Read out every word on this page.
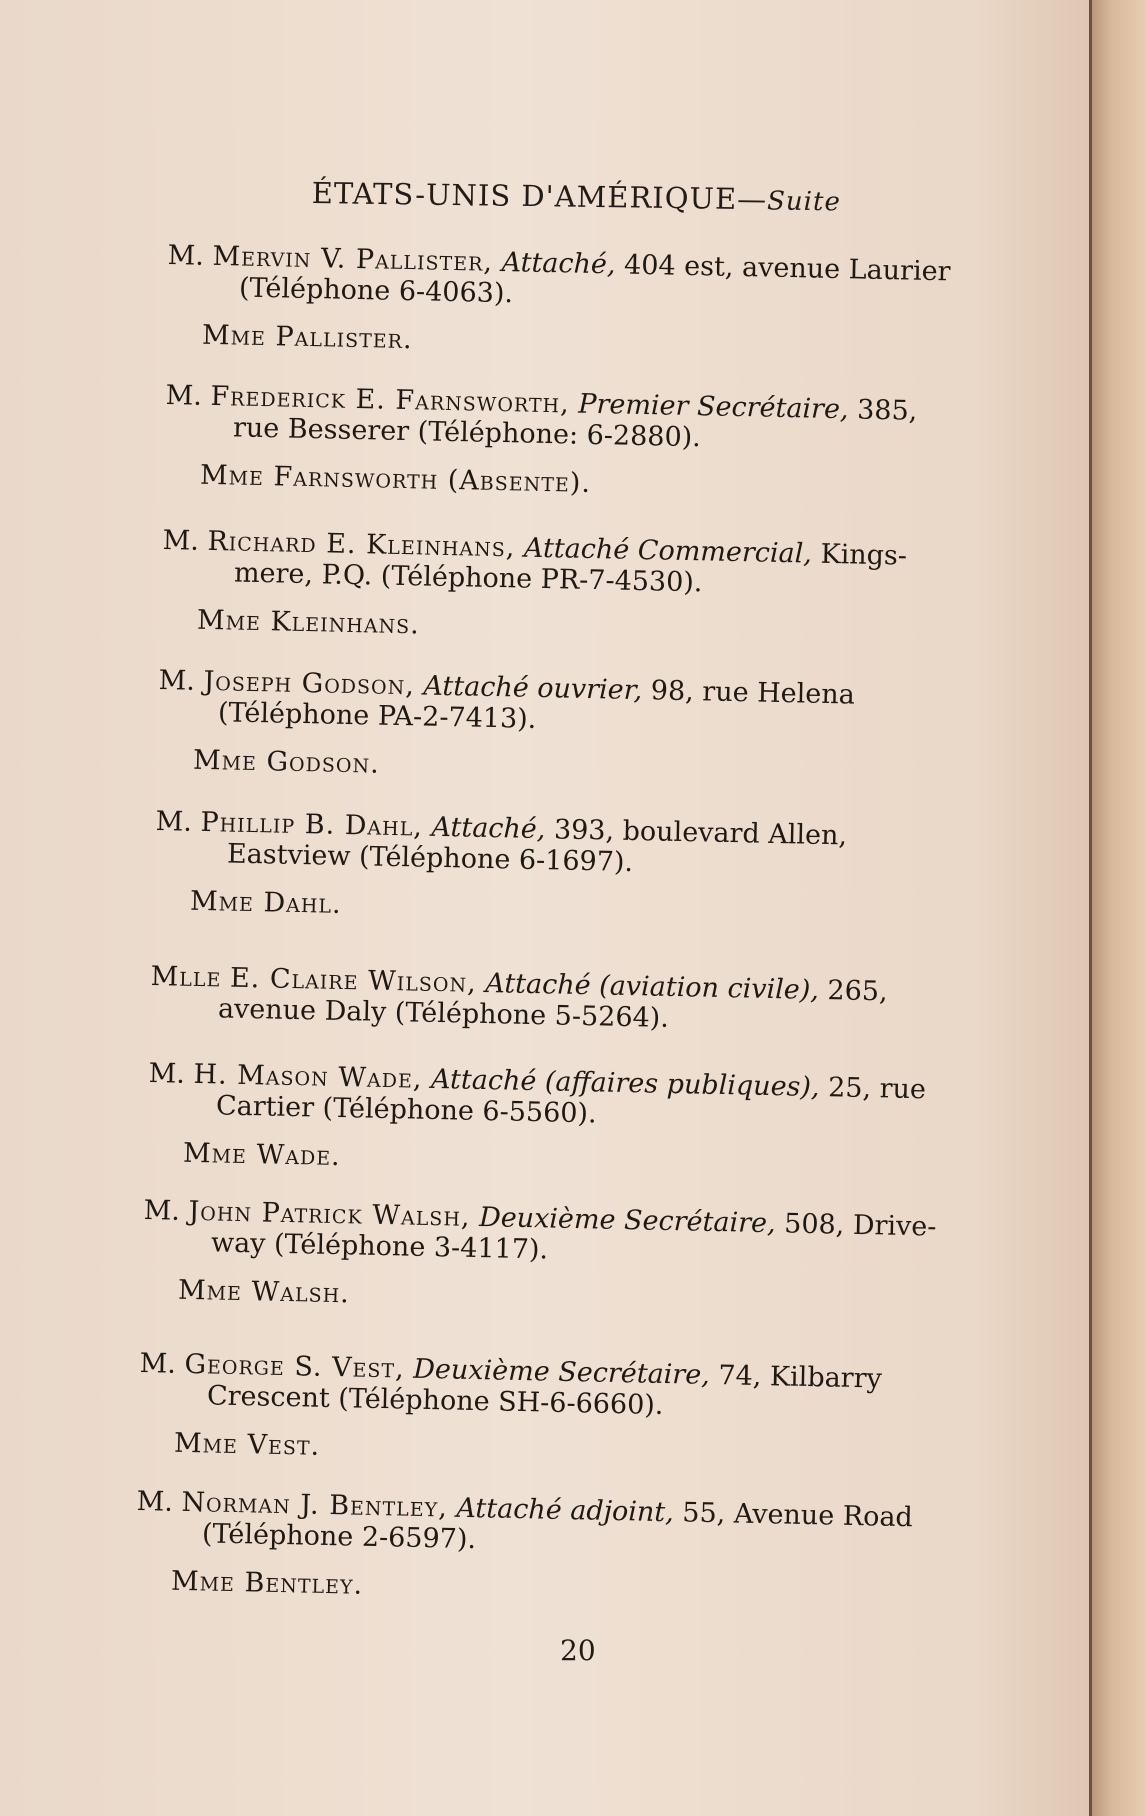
ÉTATS-UNIS D'AMÉRIQUE—Suite
M. Mervin V. Pallister, Attaché, 404 est, avenue Laurier
(Téléphone 6-4063).
Mme Pallister.
M. Frederick E. Farnsworth, Premier Secrétaire, 385,
rue Besserer (Téléphone: 6-2880).
Mme Farnsworth (Absente).
M. Richard E. Kleinhans, Attaché Commercial, Kings-
mere, P.Q. (Téléphone PR-7-4530).
Mme Kleinhans.
M. Joseph Godson, Attaché ouvrier, 98, rue Helena
(Téléphone PA-2-7413).
Mme Godson.
M. Phillip B. Dahl, Attaché, 393, boulevard Allen,
Eastview (Téléphone 6-1697).
Mme Dahl.
Mlle E. Claire Wilson, Attaché (aviation civile), 265,
avenue Daly (Téléphone 5-5264).
M. H. Mason Wade, Attaché (affaires publiques), 25, rue
Cartier (Téléphone 6-5560).
Mme Wade.
M. John Patrick Walsh, Deuxième Secrétaire, 508, Drive-
way (Téléphone 3-4117).
Mme Walsh.
M. George S. Vest, Deuxième Secrétaire, 74, Kilbarry
Crescent (Téléphone SH-6-6660).
Mme Vest.
M. Norman J. Bentley, Attaché adjoint, 55, Avenue Road
(Téléphone 2-6597).
Mme Bentley.
20
